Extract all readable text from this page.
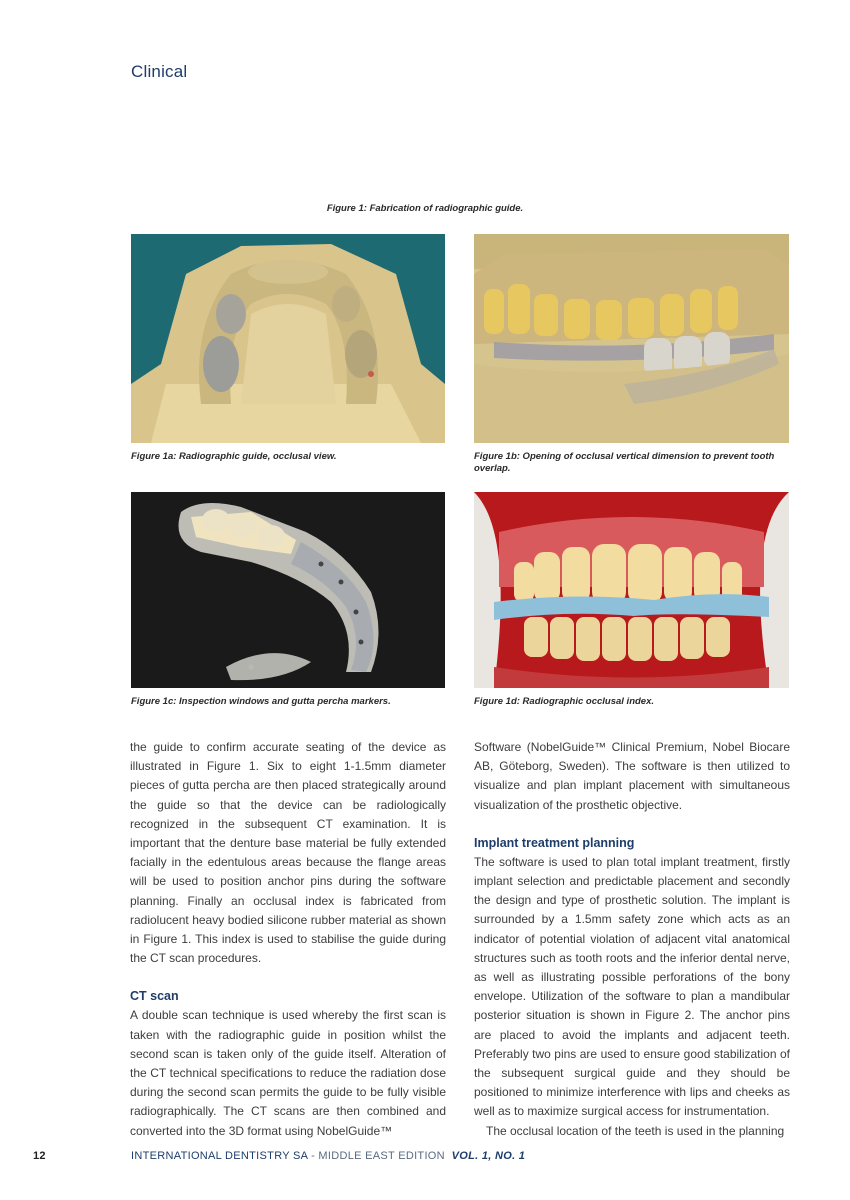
Clinical
Figure 1: Fabrication of radiographic guide.
Figure 1a: Radiographic guide, occlusal view.	Figure 1b: Opening of occlusal vertical dimension to prevent tooth overlap.
Figure 1c: Inspection windows and gutta percha markers.	Figure 1d: Radiographic occlusal index.

the guide to confirm accurate seating of the device as illustrated in Figure 1. Six to eight 1-1.5mm diameter pieces of gutta percha are then placed strategically around the guide so that the device can be radiologically recognized in the subsequent CT examination. It is important that the denture base material be fully extended facially in the edentulous areas because the flange areas will be used to position anchor pins during the software planning. Finally an occlusal index is fabricated from radiolucent heavy bodied silicone rubber material as shown in Figure 1. This index is used to stabilise the guide during the CT scan procedures.

CT scan

A double scan technique is used whereby the first scan is taken with the radiographic guide in position whilst the second scan is taken only of the guide itself. Alteration of the CT technical specifications to reduce the radiation dose during the second scan permits the guide to be fully visible radiographically. The CT scans are then combined and converted into the 3D format using NobelGuide™

Software (NobelGuide™ Clinical Premium, Nobel Biocare AB, Göteborg, Sweden). The software is then utilized to visualize and plan implant placement with simultaneous visualization of the prosthetic objective.

Implant treatment planning

The software is used to plan total implant treatment, firstly implant selection and predictable placement and secondly the design and type of prosthetic solution. The implant is surrounded by a 1.5mm safety zone which acts as an indicator of potential violation of adjacent vital anatomical structures such as tooth roots and the inferior dental nerve, as well as illustrating possible perforations of the bony envelope. Utilization of the software to plan a mandibular posterior situation is shown in Figure 2. The anchor pins are placed to avoid the implants and adjacent teeth. Preferably two pins are used to ensure good stabilization of the subsequent surgical guide and they should be positioned to minimize interference with lips and cheeks as well as to maximize surgical access for instrumentation.

The occlusal location of the teeth is used in the planning

12	INTERNATIONAL DENTISTRY SA - MIDDLE EAST EDITION VOL. 1, NO. 1
